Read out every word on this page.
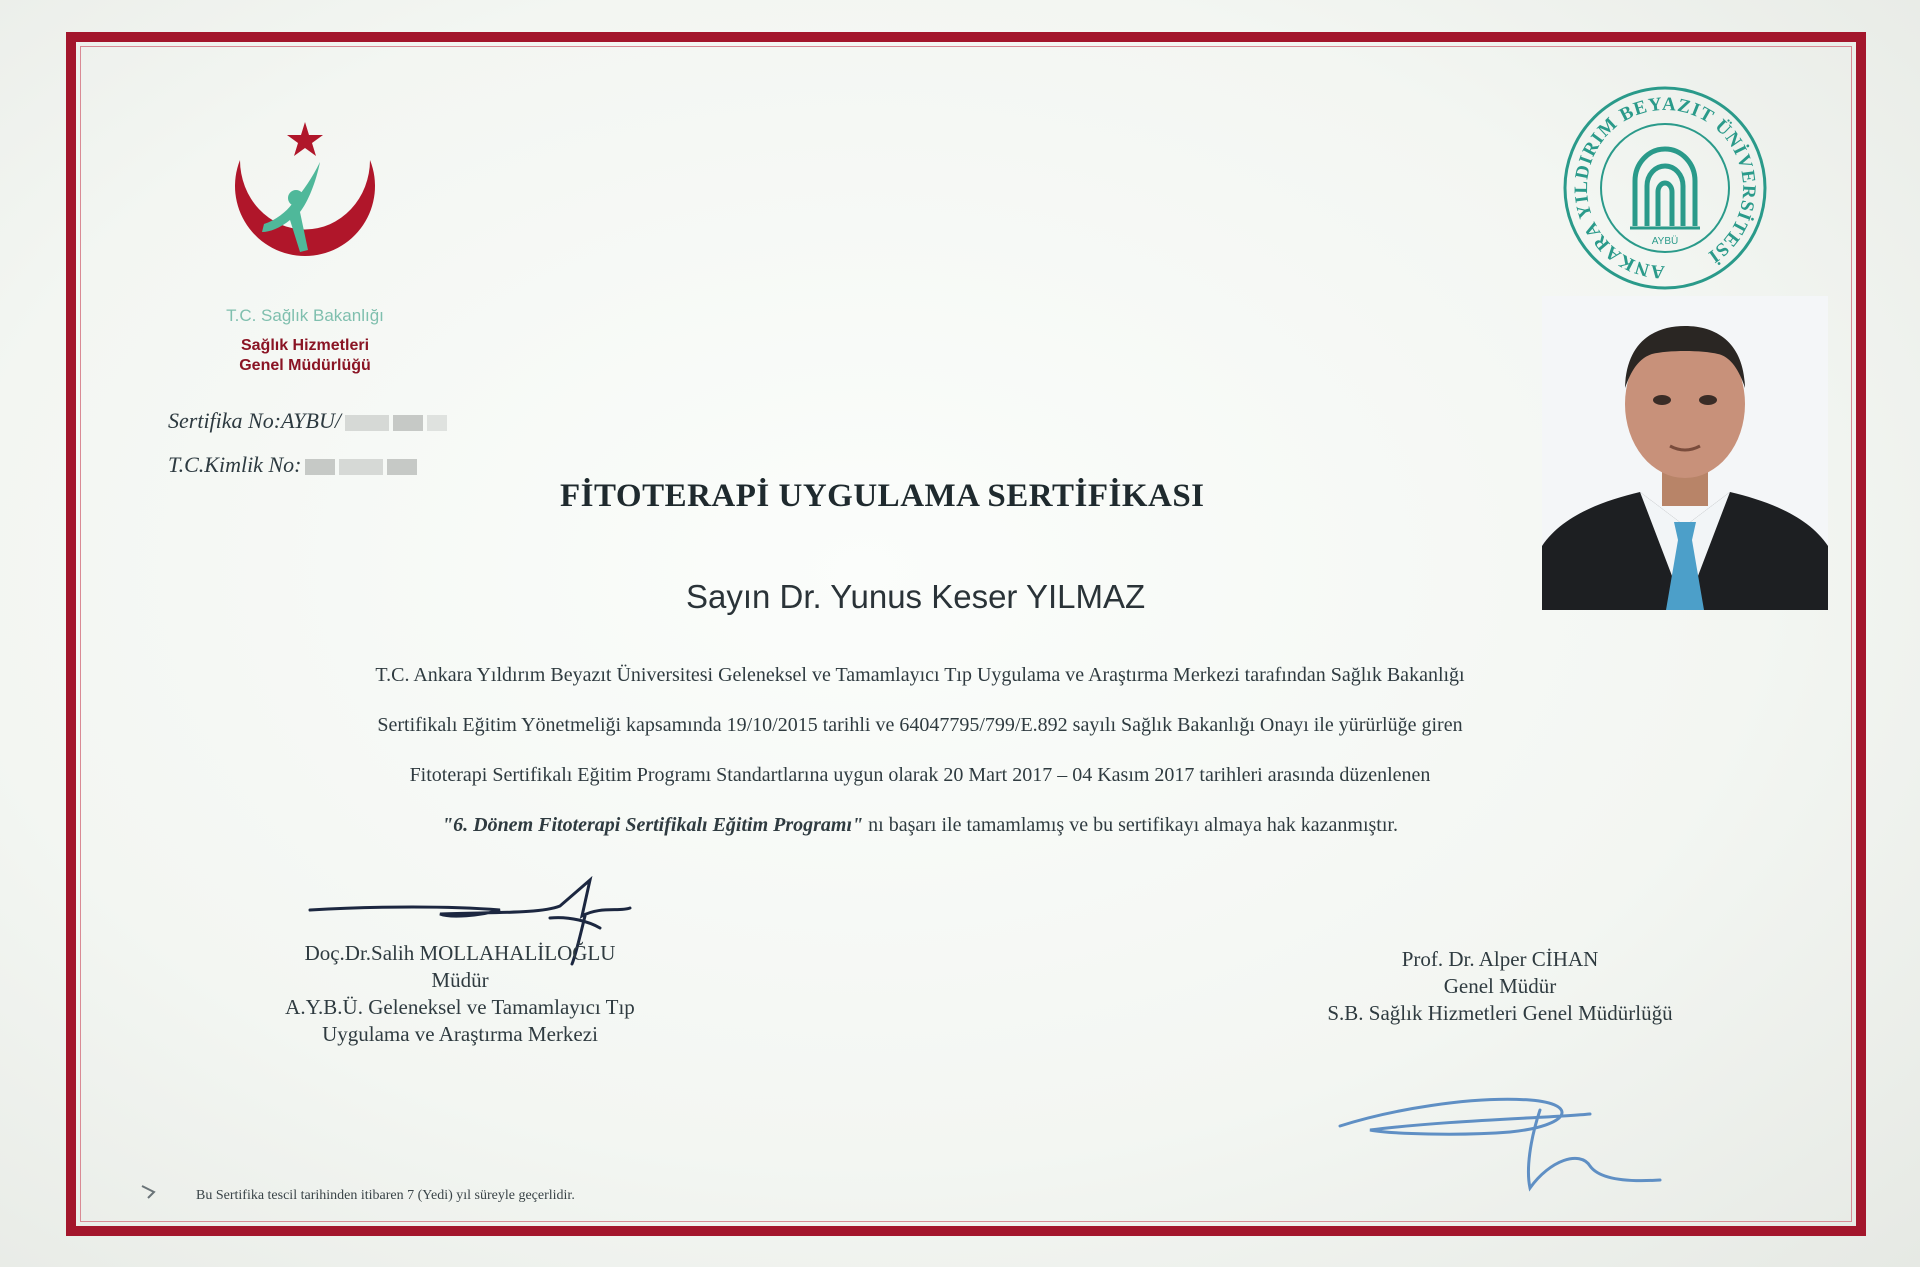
T.C. Sağlık Bakanlığı
Sağlık Hizmetleri
Genel Müdürlüğü
Sertifika No:AYBU/
T.C.Kimlik No:
ANKARA YILDIRIM BEYAZIT ÜNİVERSİTESİ
AYBÜ
FİTOTERAPİ UYGULAMA SERTİFİKASI
Sayın Dr. Yunus Keser YILMAZ
T.C. Ankara Yıldırım Beyazıt Üniversitesi Geleneksel ve Tamamlayıcı Tıp Uygulama ve Araştırma Merkezi tarafından Sağlık Bakanlığı
Sertifikalı Eğitim Yönetmeliği kapsamında 19/10/2015 tarihli ve 64047795/799/E.892 sayılı Sağlık Bakanlığı Onayı ile yürürlüğe giren
Fitoterapi Sertifikalı Eğitim Programı Standartlarına uygun olarak 20 Mart 2017 – 04 Kasım 2017 tarihleri arasında düzenlenen
"6. Dönem Fitoterapi Sertifikalı Eğitim Programı" nı başarı ile tamamlamış ve bu sertifikayı almaya hak kazanmıştır.
Doç.Dr.Salih MOLLAHALİLOĞLU
Müdür
A.Y.B.Ü. Geleneksel ve Tamamlayıcı Tıp
Uygulama ve Araştırma Merkezi
Prof. Dr. Alper CİHAN
Genel Müdür
S.B. Sağlık Hizmetleri Genel Müdürlüğü
Bu Sertifika tescil tarihinden itibaren 7 (Yedi) yıl süreyle geçerlidir.
